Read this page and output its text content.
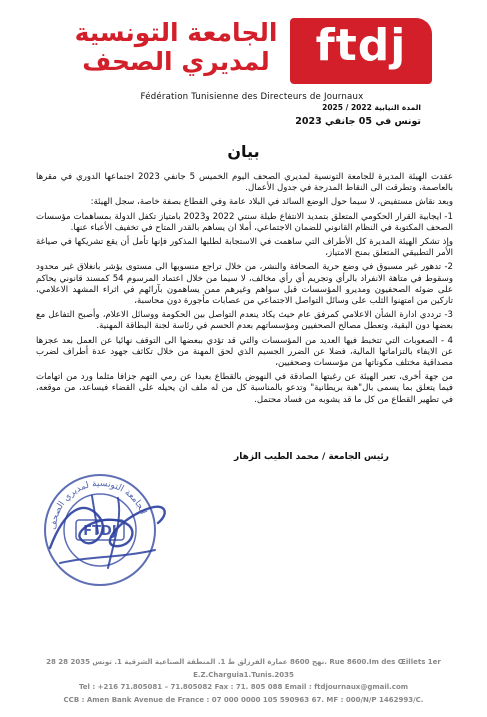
الجامعة التونسية
لمديري الصحف	ftdj
Fédération Tunisienne des Directeurs de Journaux
المدة النيابية 2022 / 2025
تونس في 05 جانفي 2023
بيان

عقدت الهيئة المديرة للجامعة التونسية لمديري الصحف اليوم الخميس 5 جانفي 2023 اجتماعها الدوري في مقرها بالعاصمة، وتطرقت الى النقاط المدرجة في جدول الأعمال.

وبعد نقاش مستفيض، لا سيما حول الوضع السائد في البلاد عامة وفي القطاع بصفة خاصة، سجل الهيئة:

1- ايجابية القرار الحكومي المتعلق بتمديد الانتفاع طيلة سنتي 2022 و2023 بامتياز تكفل الدولة بمساهمات مؤسسات الصحف المكتوبة في النظام القانوني للضمان الاجتماعي، أملا ان يساهم بالقدر المتاح في تخفيف الأعباء عنها.

وإذ تشكر الهيئة المديرة كل الأطراف التي ساهمت في الاستجابة لطلبها المذكور فإنها تأمل أن يقع تشريكها في صياغة الأمر التطبيقي المتعلق بمنح الامتياز،

2- تدهور غير مسبوق في وضع حرية الصحافة والنشر، من خلال تراجع منسوبها الى مستوى يؤشر بانغلاق غير محدود وسقوط في متاهة الانفراد بالرأي وتجريم أي رأي مخالف، لا سيما من خلال اعتماد المرسوم 54 كمسند قانوني يحاكم على ضوئه الصحفيون ومديرو المؤسسات قبل سواهم وغيرهم ممن يساهمون بآرائهم في اثراء المشهد الاعلامي، تاركين من امتهنوا الثلب على وسائل التواصل الاجتماعي من عصابات مأجورة دون محاسبة،

3- ترددي ادارة الشأن الاعلامي كمرفق عام حيث يكاد ينعدم التواصل بين الحكومة ووسائل الاعلام، وأصبح التفاعل مع بعضها دون البقية، وتعطل مصالح الصحفيين ومؤسساتهم بعدم الحسم في رئاسة لجنة البطاقة المهنية.

4 - الصعوبات التي تتخبط فيها العديد من المؤسسات والتي قد تؤدي ببعضها الى التوقف نهائيا عن العمل بعد عجزها عن الايفاء بالتزاماتها المالية، فضلا عن الضرر الجسيم الذي لحق المهنة من خلال تكاثف جهود عدة أطراف لضرب مصداقية مختلف مكوناتها من مؤسسات وصحفيين،

من جهة أخرى، تعبر الهيئة عن رغبتها الصادقة في النهوض بالقطاع بعيدا عن رمي التهم جزافا مثلما ورد من اتهامات فيما يتعلق بما يسمى بال"هبة بريطانية" وتدعو بالمناسبة كل من له ملف ان يحيله على القضاء فيساعد، من موقعه، في تطهير القطاع من كل ما قد يشوبه من فساد محتمل.

رئيس الجامعة / محمد الطيب الزهار
الجامعة التونسية لمديري الصحف
FTDJ
28 نهج 8600 عمارة الفرزلق ط 1. المنطقة الصناعية الشرقية 1. تونس 2035 28. Rue 8600.Im des Œillets 1er E.Z.Charguia1.Tunis.2035
Tel : +216 71.805081 – 71.805082 Fax : 71. 805 088 Email : ftdjournaux@gmail.com
CCB : Amen Bank Avenue de France : 07 000 0000 105 590963 67. MF : 000/N/P 1462993/C.
